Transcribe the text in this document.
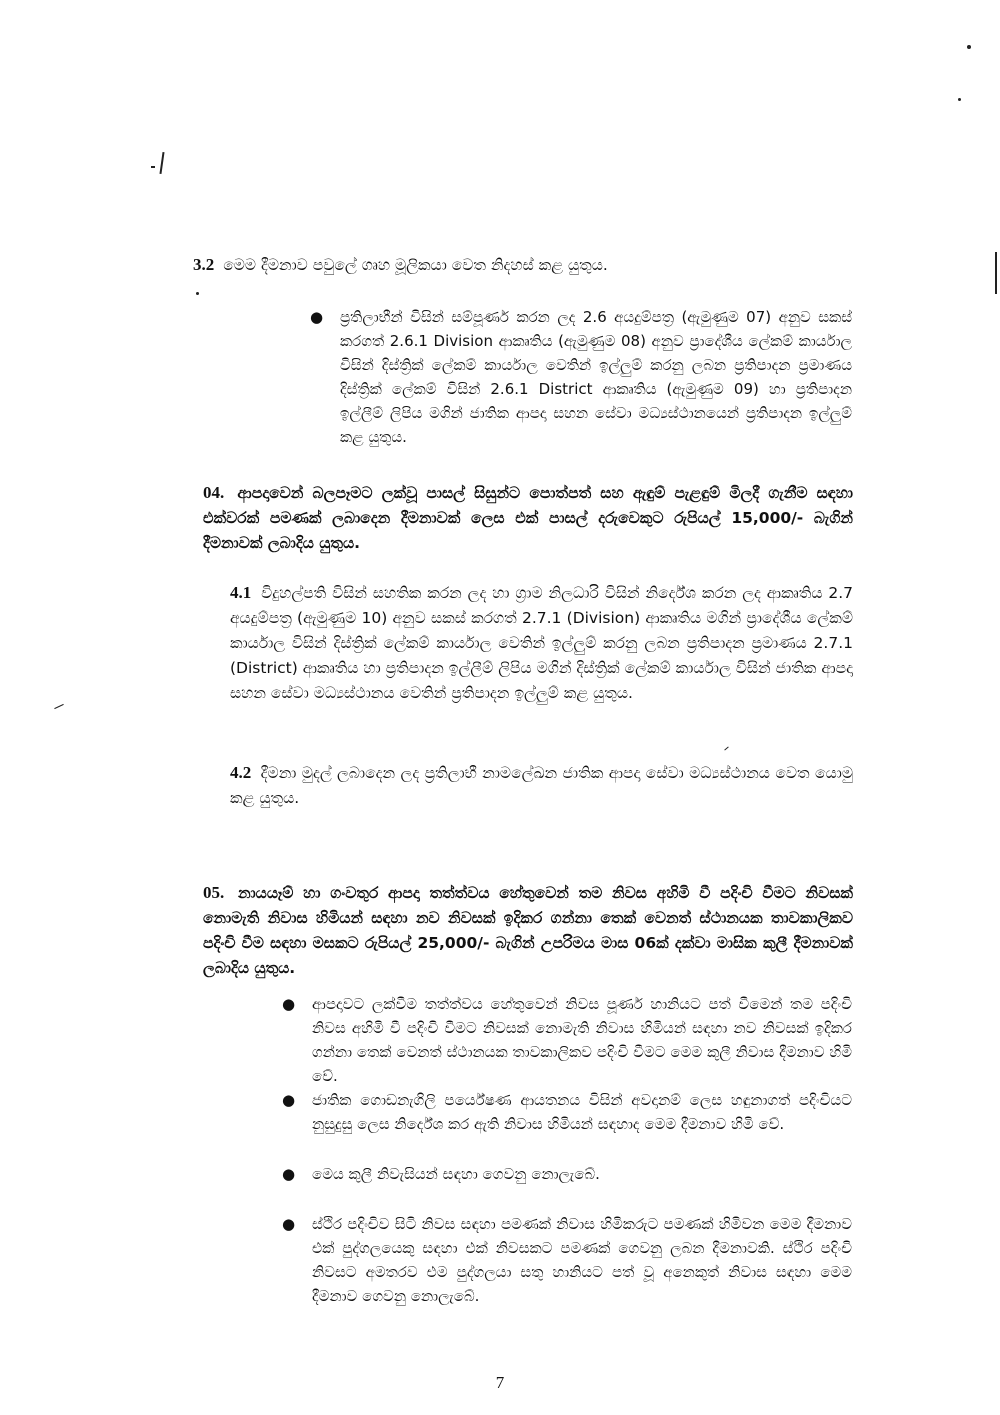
3.2 මෙම දීමනාව පවුලේ ගෘහ මූලිකයා වෙත නිදහස් කළ යුතුය.
● ප්‍රතිලාභීන් විසින් සම්පූර්ණ කරන ලද 2.6 අයදුම්පත්‍ර (ඇමුණුම 07) අනුව සකස් කරගත් 2.6.1 Division ආකෘතිය (ඇමුණුම 08) අනුව ප්‍රාදේශීය ලේකම් කාර්යාල විසින් දිස්ත්‍රික් ලේකම් කාර්යාල වෙතින් ඉල්ලුම් කරනු ලබන ප්‍රතිපාදන ප්‍රමාණය දිස්ත්‍රික් ලේකම් විසින් 2.6.1 District ආකෘතිය (ඇමුණුම 09) හා ප්‍රතිපාදන ඉල්ලීම් ලිපිය මගින් ජාතික ආපදා සහන සේවා මධ්‍යස්ථානයෙන් ප්‍රතිපාදන ඉල්ලුම් කළ යුතුය.
04. ආපදාවෙන් බලපෑමට ලක්වූ පාසල් සිසුන්ට පොත්පත් සහ ඇඳුම් පැළඳුම් මිලදී ගැනීම සඳහා එක්වරක් පමණක් ලබාදෙන දීමනාවක් ලෙස එක් පාසල් දරුවෙකුට රුපියල් 15,000/- බැගින් දීමනාවක් ලබාදිය යුතුය.
4.1 විදුහල්පති විසින් සහතික කරන ලද හා ග්‍රාම නිලධාරි විසින් නිර්දේශ කරන ලද ආකෘතිය 2.7 අයදුම්පත්‍ර (ඇමුණුම 10) අනුව සකස් කරගත් 2.7.1 (Division) ආකෘතිය මගින් ප්‍රාදේශීය ලේකම් කාර්යාල විසින් දිස්ත්‍රික් ලේකම් කාර්යාල වෙතින් ඉල්ලුම් කරනු ලබන ප්‍රතිපාදන ප්‍රමාණය 2.7.1 (District) ආකෘතිය හා ප්‍රතිපාදන ඉල්ලීම් ලිපිය මගින් දිස්ත්‍රික් ලේකම් කාර්යාල විසින් ජාතික ආපදා සහන සේවා මධ්‍යස්ථානය වෙතින් ප්‍රතිපාදන ඉල්ලුම් කළ යුතුය.
4.2 දීමනා මුදල් ලබාදෙන ලද ප්‍රතිලාභී නාමලේඛන ජාතික ආපදා සේවා මධ්‍යස්ථානය වෙත යොමු කළ යුතුය.
05. නායයෑම් හා ගංවතුර ආපදා තත්ත්වය හේතුවෙන් තම නිවස අහිමි වී පදිංචි වීමට නිවසක් නොමැති නිවාස හිමියන් සඳහා නව නිවසක් ඉදිකර ගන්නා තෙක් වෙනත් ස්ථානයක තාවකාලිකව පදිංචි වීම සඳහා මසකට රුපියල් 25,000/- බැගින් උපරිමය මාස 06ක් දක්වා මාසික කුලී දීමනාවක් ලබාදිය යුතුය.
● ආපදාවට ලක්වීම තත්ත්වය හේතුවෙන් නිවස පූර්ණ හානියට පත් වීමෙන් තම පදිංචි නිවස අහිමි වී පදිංචි වීමට නිවසක් නොමැති නිවාස හිමියන් සඳහා නව නිවසක් ඉදිකර ගන්නා තෙක් වෙනත් ස්ථානයක තාවකාලිකව පදිංචි වීමට මෙම කුලී නිවාස දීමනාව හිමි වේ.
● ජාතික ගොඩනැගිලි පර්යේෂණ ආයතනය විසින් අවදානම් ලෙස හඳුනාගත් පදිංචියට නුසුදුසු ලෙස නිර්දේශ කර ඇති නිවාස හිමියන් සඳහාද මෙම දීමනාව හිමි වේ.
● මෙය කුලී නිවැසියන් සඳහා ගෙවනු නොලැබේ.
● ස්ථිර පදිංචිව සිටි නිවස සඳහා පමණක් නිවාස හිමිකරුට පමණක් හිමිවන මෙම දීමනාව එක් පුද්ගලයෙකු සඳහා එක් නිවසකට පමණක් ගෙවනු ලබන දීමනාවකි. ස්ථිර පදිංචි නිවසට අමතරව එම පුද්ගලයා සතු හානියට පත් වූ අනෙකුත් නිවාස සඳහා මෙම දීමනාව ගෙවනු නොලැබේ.
7
